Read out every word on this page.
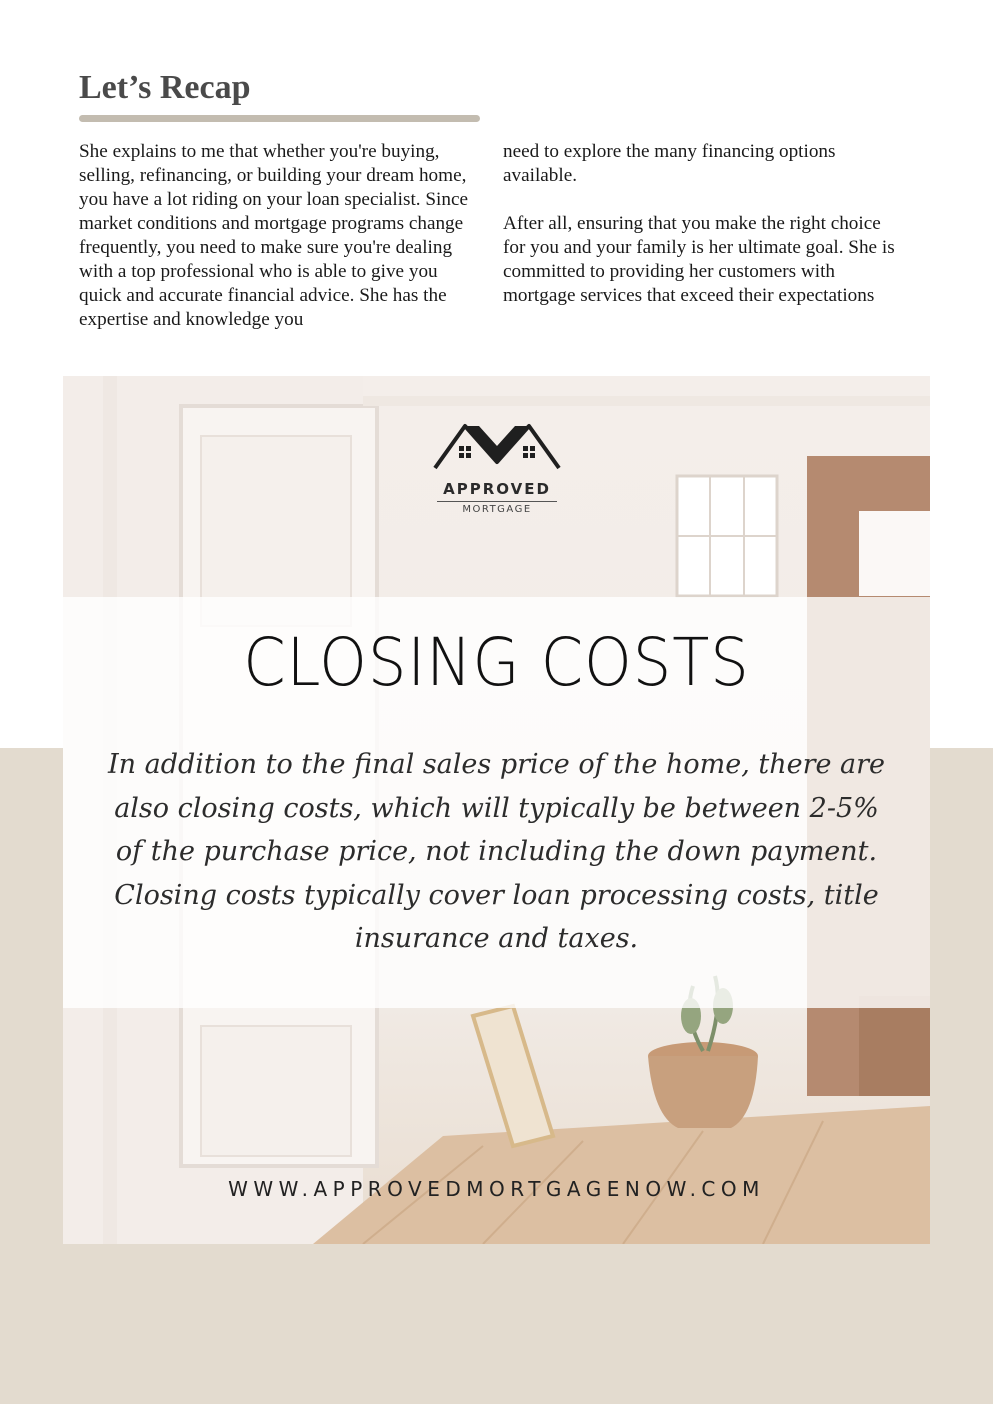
Let’s Recap

She explains to me that whether you're buying, selling, refinancing, or building your dream home, you have a lot riding on your loan specialist. Since market conditions and mortgage programs change frequently, you need to make sure you're dealing with a top professional who is able to give you quick and accurate financial advice. She has the expertise and knowledge you

need to explore the many financing options available.

After all, ensuring that you make the right choice for you and your family is her ultimate goal. She is committed to providing her customers with mortgage services that exceed their expectations

APPROVED
MORTGAGE
CLOSING COSTS
In addition to the final sales price of the home, there are also closing costs, which will typically be between 2-5% of the purchase price, not including the down payment. Closing costs typically cover loan processing costs, title insurance and taxes.
WWW.APPROVEDMORTGAGENOW.COM
